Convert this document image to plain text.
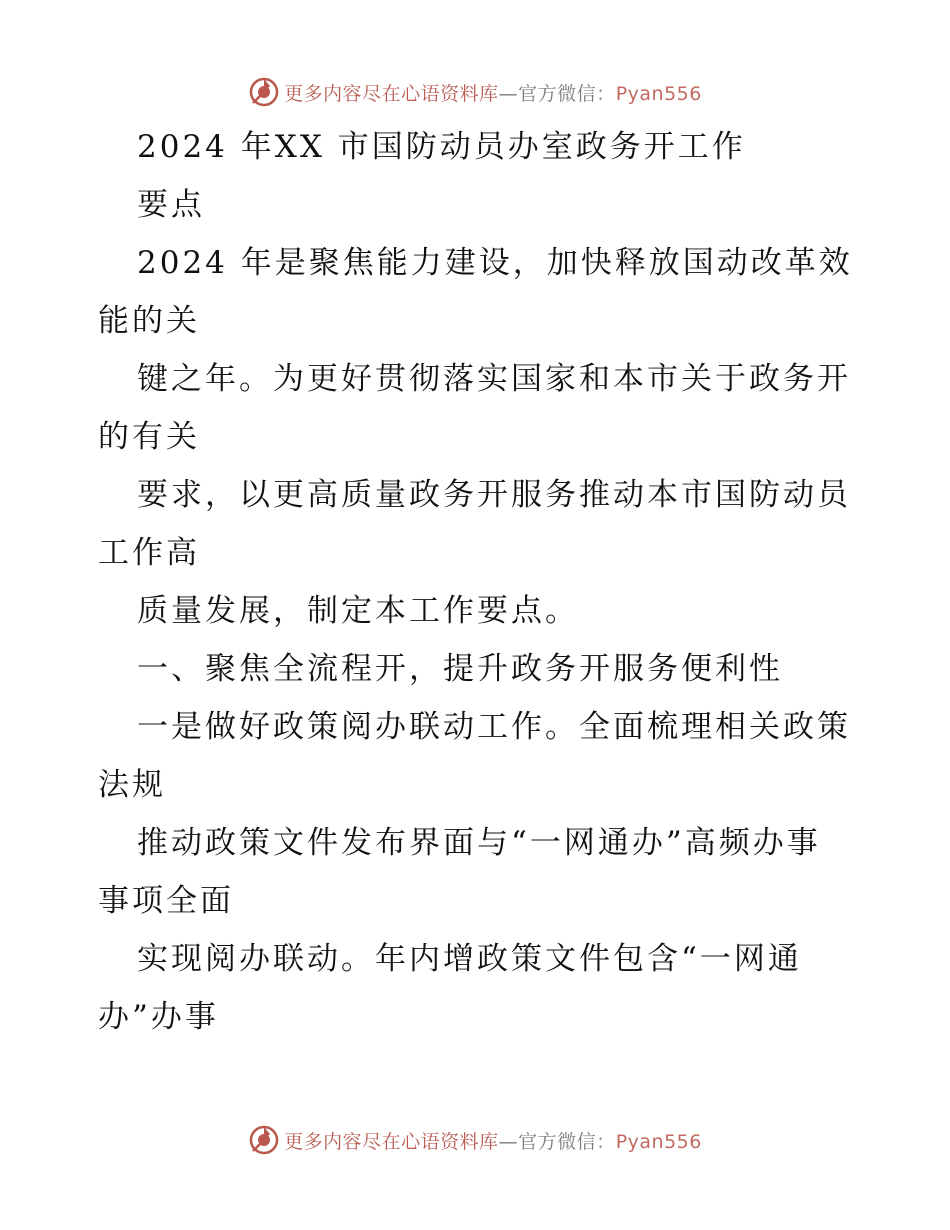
更多内容尽在心语资料库—官方微信：Pyan556
2024 年XX 市国防动员办室政务开工作
要点
2024 年是聚焦能力建设，加快释放国动改革效
能的关
键之年。为更好贯彻落实国家和本市关于政务开
的有关
要求，以更高质量政务开服务推动本市国防动员
工作高
质量发展，制定本工作要点。
一、聚焦全流程开，提升政务开服务便利性
一是做好政策阅办联动工作。全面梳理相关政策
法规
推动政策文件发布界面与“一网通办”高频办事
事项全面
实现阅办联动。年内增政策文件包含“一网通
办”办事
更多内容尽在心语资料库—官方微信：Pyan556
